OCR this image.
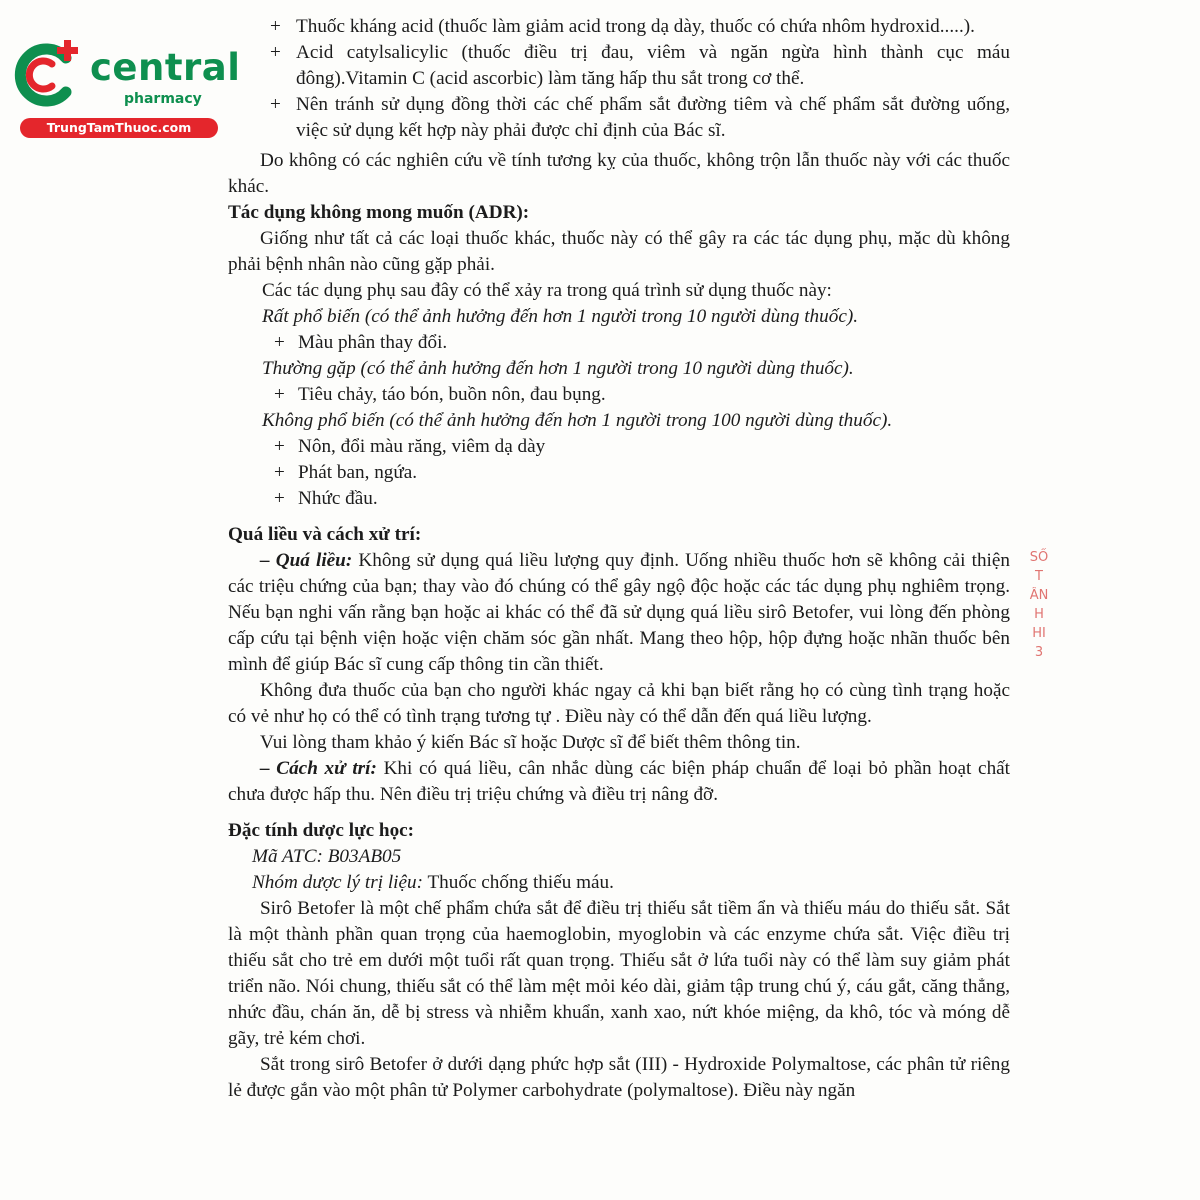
central
pharmacy
TrungTamThuoc.com

+ Thuốc kháng acid (thuốc làm giảm acid trong dạ dày, thuốc có chứa nhôm hydroxid.....).

+ Acid catylsalicylic (thuốc điều trị đau, viêm và ngăn ngừa hình thành cục máu đông).Vitamin C (acid ascorbic) làm tăng hấp thu sắt trong cơ thể.

+ Nên tránh sử dụng đồng thời các chế phẩm sắt đường tiêm và chế phẩm sắt đường uống, việc sử dụng kết hợp này phải được chỉ định của Bác sĩ.

Do không có các nghiên cứu về tính tương kỵ của thuốc, không trộn lẫn thuốc này với các thuốc khác.

Tác dụng không mong muốn (ADR):

Giống như tất cả các loại thuốc khác, thuốc này có thể gây ra các tác dụng phụ, mặc dù không phải bệnh nhân nào cũng gặp phải.

Các tác dụng phụ sau đây có thể xảy ra trong quá trình sử dụng thuốc này:

Rất phổ biến (có thể ảnh hưởng đến hơn 1 người trong 10 người dùng thuốc).

+ Màu phân thay đổi.

Thường gặp (có thể ảnh hưởng đến hơn 1 người trong 10 người dùng thuốc).

+ Tiêu chảy, táo bón, buồn nôn, đau bụng.

Không phổ biến (có thể ảnh hưởng đến hơn 1 người trong 100 người dùng thuốc).

+ Nôn, đổi màu răng, viêm dạ dày

+ Phát ban, ngứa.

+ Nhức đầu.

Quá liều và cách xử trí:

– Quá liều: Không sử dụng quá liều lượng quy định. Uống nhiều thuốc hơn sẽ không cải thiện các triệu chứng của bạn; thay vào đó chúng có thể gây ngộ độc hoặc các tác dụng phụ nghiêm trọng. Nếu bạn nghi vấn rằng bạn hoặc ai khác có thể đã sử dụng quá liều sirô Betofer, vui lòng đến phòng cấp cứu tại bệnh viện hoặc viện chăm sóc gần nhất. Mang theo hộp, hộp đựng hoặc nhãn thuốc bên mình để giúp Bác sĩ cung cấp thông tin cần thiết.

Không đưa thuốc của bạn cho người khác ngay cả khi bạn biết rằng họ có cùng tình trạng hoặc có vẻ như họ có thể có tình trạng tương tự . Điều này có thể dẫn đến quá liều lượng.

Vui lòng tham khảo ý kiến Bác sĩ hoặc Dược sĩ để biết thêm thông tin.

– Cách xử trí: Khi có quá liều, cân nhắc dùng các biện pháp chuẩn để loại bỏ phần hoạt chất chưa được hấp thu. Nên điều trị triệu chứng và điều trị nâng đỡ.

Đặc tính dược lực học:

Mã ATC: B03AB05

Nhóm dược lý trị liệu: Thuốc chống thiếu máu.

Sirô Betofer là một chế phẩm chứa sắt để điều trị thiếu sắt tiềm ẩn và thiếu máu do thiếu sắt. Sắt là một thành phần quan trọng của haemoglobin, myoglobin và các enzyme chứa sắt. Việc điều trị thiếu sắt cho trẻ em dưới một tuổi rất quan trọng. Thiếu sắt ở lứa tuổi này có thể làm suy giảm phát triển não. Nói chung, thiếu sắt có thể làm mệt mỏi kéo dài, giảm tập trung chú ý, cáu gắt, căng thẳng, nhức đầu, chán ăn, dễ bị stress và nhiễm khuẩn, xanh xao, nứt khóe miệng, da khô, tóc và móng dễ gãy, trẻ kém chơi.

Sắt trong sirô Betofer ở dưới dạng phức hợp sắt (III) - Hydroxide Polymaltose, các phân tử riêng lẻ được gắn vào một phân tử Polymer carbohydrate (polymaltose). Điều này ngăn

SỐ
T
ÂN
H
HI
3
